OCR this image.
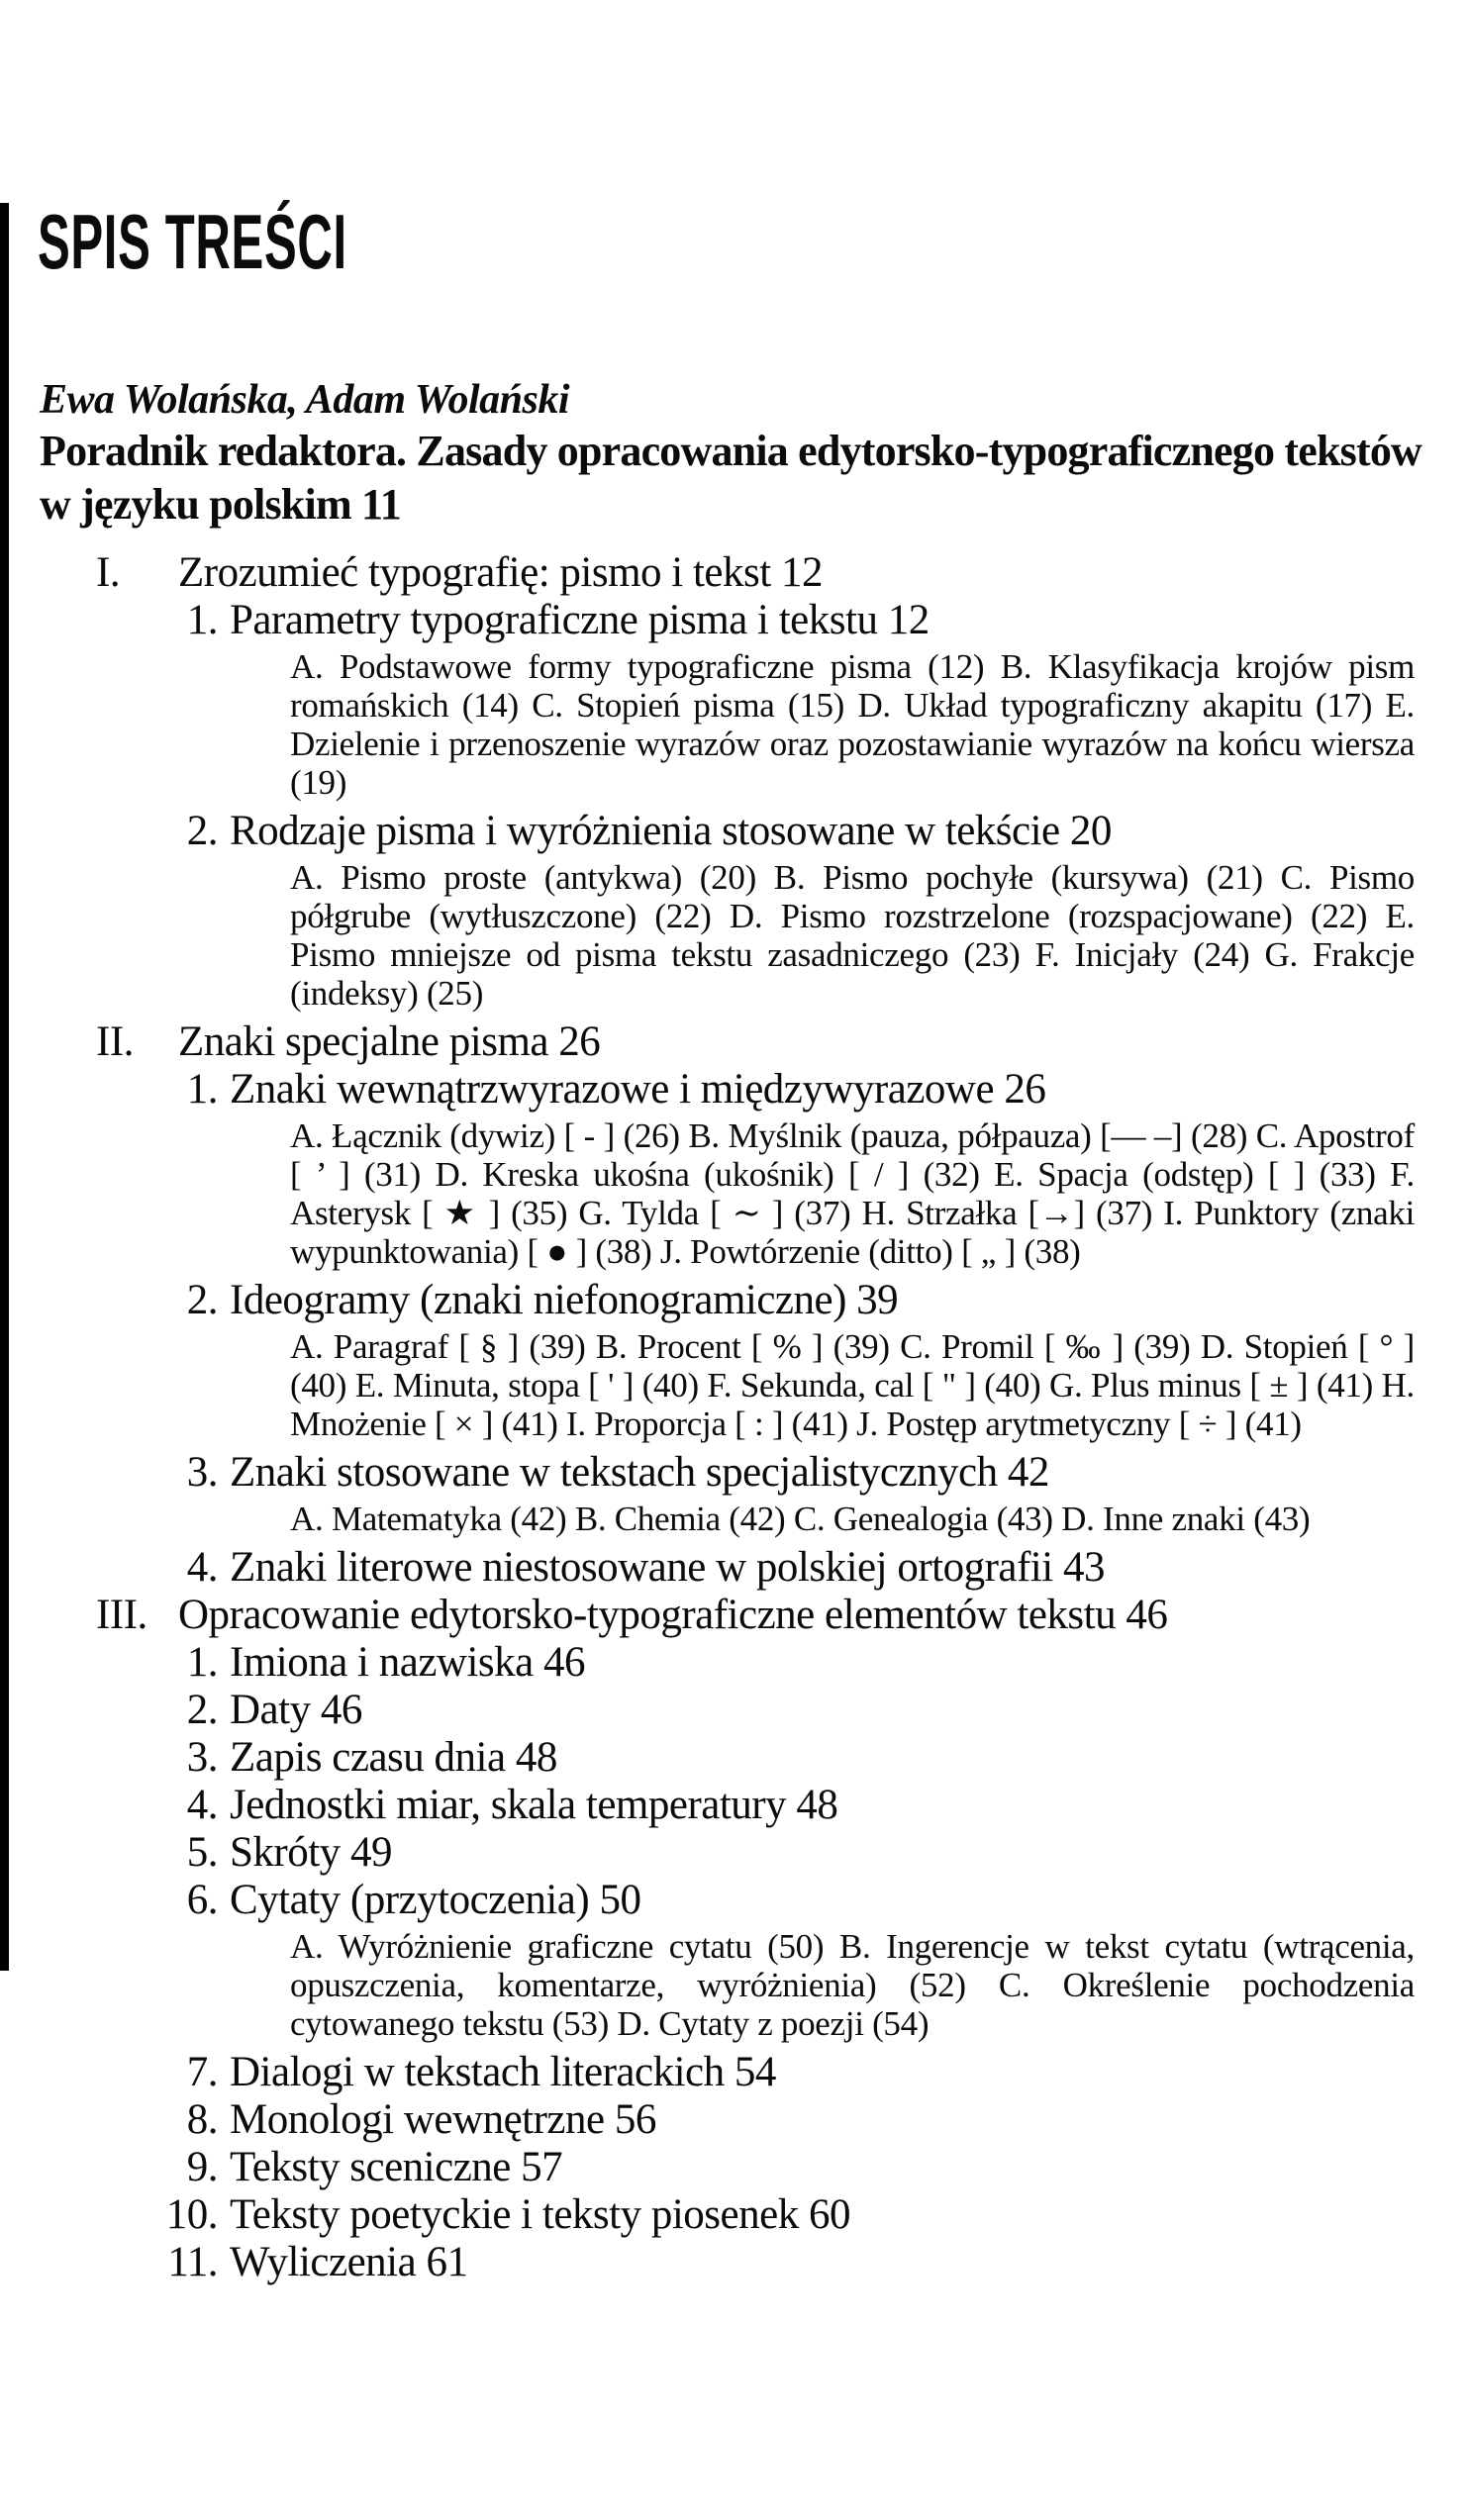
SPIS TREŚCI
Ewa Wolańska, Adam Wolański
Poradnik redaktora. Zasady opracowania edytorsko-typograficznego tekstów w języku polskim 11
I. Zrozumieć typografię: pismo i tekst 12
1. Parametry typograficzne pisma i tekstu 12
A. Podstawowe formy typograficzne pisma (12) B. Klasyfikacja krojów pism romańskich (14) C. Stopień pisma (15) D. Układ typograficzny akapitu (17) E. Dzielenie i przenoszenie wyrazów oraz pozostawianie wyrazów na końcu wiersza (19)
2. Rodzaje pisma i wyróżnienia stosowane w tekście 20
A. Pismo proste (antykwa) (20) B. Pismo pochyłe (kursywa) (21) C. Pismo półgrube (wytłuszczone) (22) D. Pismo rozstrzelone (rozspacjowane) (22) E. Pismo mniejsze od pisma tekstu zasadniczego (23) F. Inicjały (24) G. Frakcje (indeksy) (25)
II. Znaki specjalne pisma 26
1. Znaki wewnątrzwyrazowe i międzywyrazowe 26
A. Łącznik (dywiz) [ - ] (26) B. Myślnik (pauza, półpauza) [— –] (28) C. Apostrof [ ’ ] (31) D. Kreska ukośna (ukośnik) [ / ] (32) E. Spacja (odstęp) [ ] (33) F. Asterysk [ ★ ] (35) G. Tylda [ ∼ ] (37) H. Strzałka [→] (37) I. Punktory (znaki wypunktowania) [ ● ] (38) J. Powtórzenie (ditto) [ „ ] (38)
2. Ideogramy (znaki niefonogramiczne) 39
A. Paragraf [ § ] (39) B. Procent [ % ] (39) C. Promil [ ‰ ] (39) D. Stopień [ ° ] (40) E. Minuta, stopa [ ' ] (40) F. Sekunda, cal [ " ] (40) G. Plus minus [ ± ] (41) H. Mnożenie [ × ] (41) I. Proporcja [ : ] (41) J. Postęp arytmetyczny [ ÷ ] (41)
3. Znaki stosowane w tekstach specjalistycznych 42
A. Matematyka (42) B. Chemia (42) C. Genealogia (43) D. Inne znaki (43)
4. Znaki literowe niestosowane w polskiej ortografii 43
III. Opracowanie edytorsko-typograficzne elementów tekstu 46
1. Imiona i nazwiska 46
2. Daty 46
3. Zapis czasu dnia 48
4. Jednostki miar, skala temperatury 48
5. Skróty 49
6. Cytaty (przytoczenia) 50
A. Wyróżnienie graficzne cytatu (50) B. Ingerencje w tekst cytatu (wtrącenia, opuszczenia, komentarze, wyróżnienia) (52) C. Określenie pochodzenia cytowanego tekstu (53) D. Cytaty z poezji (54)
7. Dialogi w tekstach literackich 54
8. Monologi wewnętrzne 56
9. Teksty sceniczne 57
10. Teksty poetyckie i teksty piosenek 60
11. Wyliczenia 61
